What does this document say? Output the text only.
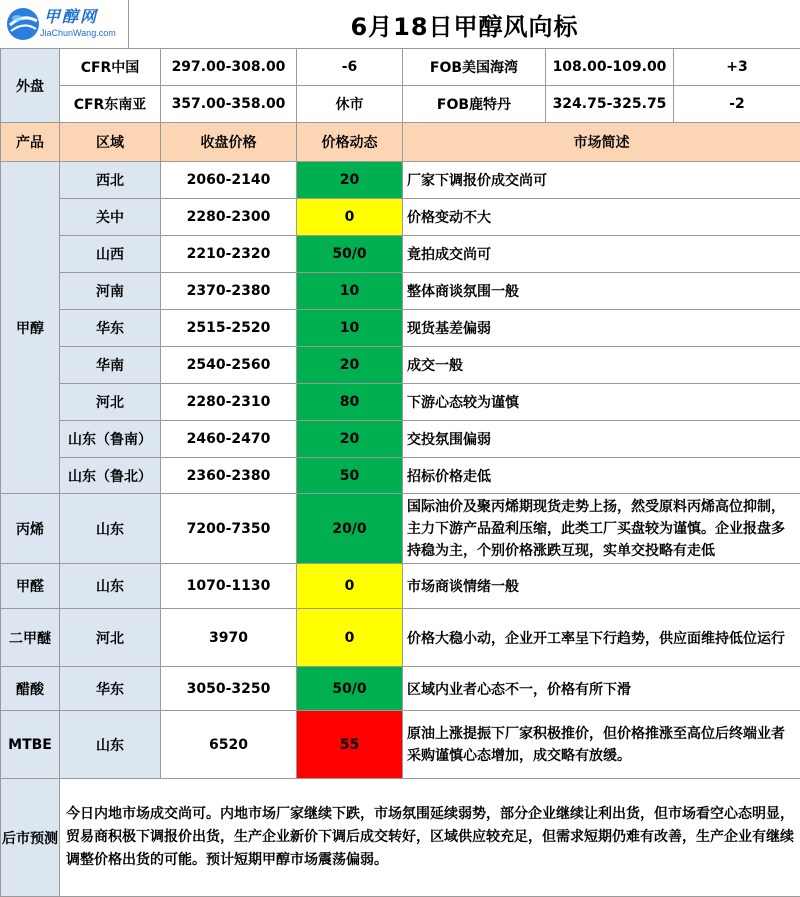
甲醇网
JiaChunWang.com	6月18日甲醇风向标
外盘	CFR中国	297.00-308.00	-6	FOB美国海湾	108.00-109.00	+3
	CFR东南亚	357.00-358.00	休市	FOB鹿特丹	324.75-325.75	-2
产品	区域	收盘价格	价格动态	市场简述
甲醇	西北	2060-2140	20	厂家下调报价成交尚可
	关中	2280-2300	0	价格变动不大
	山西	2210-2320	50/0	竟拍成交尚可
	河南	2370-2380	10	整体商谈氛围一般
	华东	2515-2520	10	现货基差偏弱
	华南	2540-2560	20	成交一般
	河北	2280-2310	80	下游心态较为谨慎
	山东（鲁南）	2460-2470	20	交投氛围偏弱
	山东（鲁北）	2360-2380	50	招标价格走低
丙烯	山东	7200-7350	20/0	国际油价及聚丙烯期现货走势上扬，然受原料丙烯高位抑制，主力下游产品盈利压缩，此类工厂买盘较为谨慎。企业报盘多持稳为主，个别价格涨跌互现，实单交投略有走低
甲醛	山东	1070-1130	0	市场商谈情绪一般
二甲醚	河北	3970	0	价格大稳小动，企业开工率呈下行趋势，供应面维持低位运行
醋酸	华东	3050-3250	50/0	区域内业者心态不一，价格有所下滑
MTBE	山东	6520	55	原油上涨提振下厂家积极推价，但价格推涨至高位后终端业者采购谨慎心态增加，成交略有放缓。
后市预测	今日内地市场成交尚可。内地市场厂家继续下跌，市场氛围延续弱势，部分企业继续让利出货，但市场看空心态明显，贸易商积极下调报价出货，生产企业新价下调后成交转好，区域供应较充足，但需求短期仍难有改善，生产企业有继续调整价格出货的可能。预计短期甲醇市场震荡偏弱。			
